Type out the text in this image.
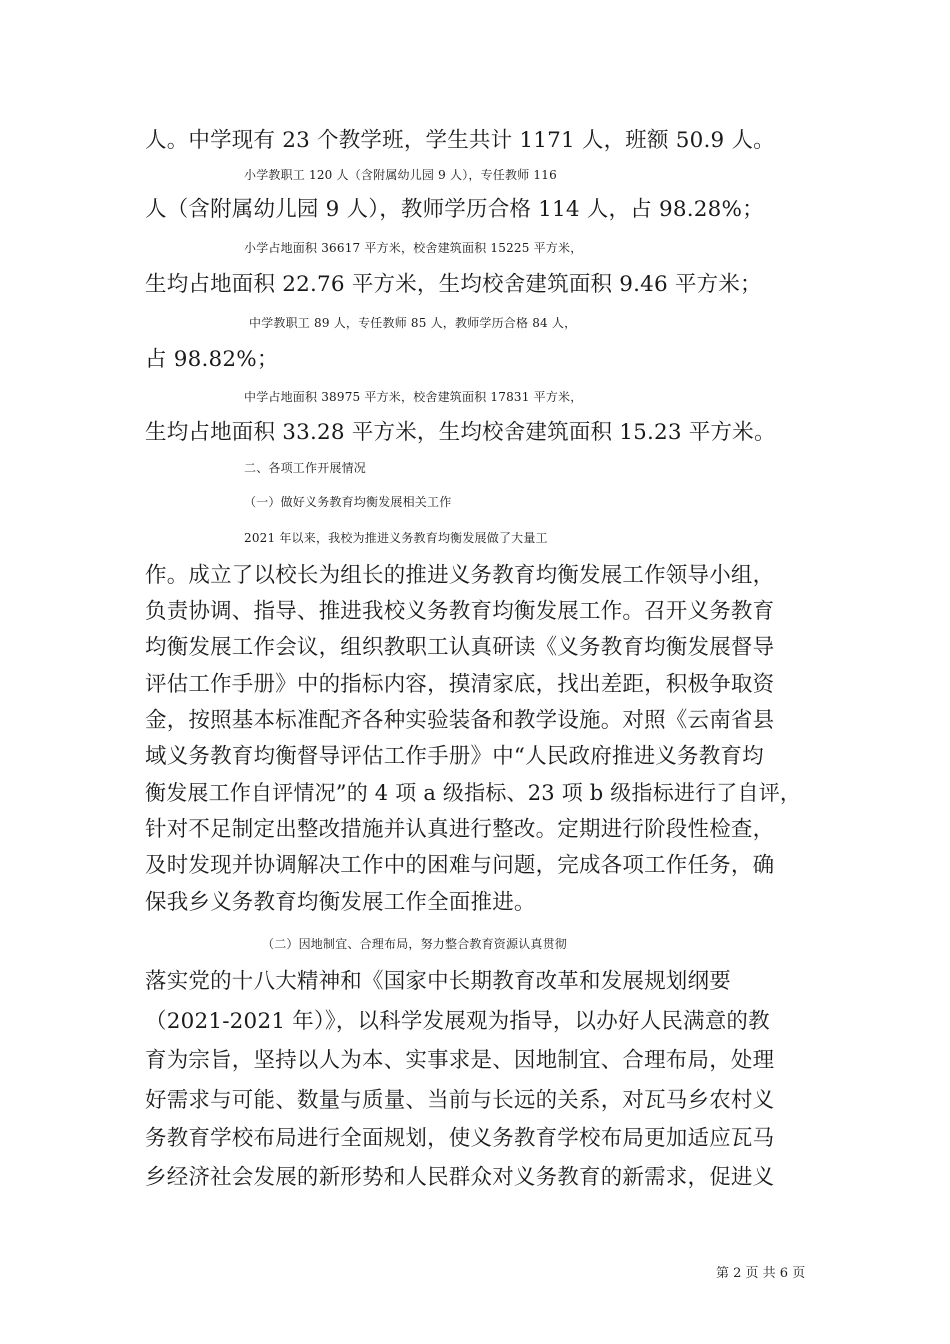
人。中学现有 23 个教学班，学生共计 1171 人，班额 50.9 人。
小学教职工 120 人（含附属幼儿园 9 人），专任教师 116
人（含附属幼儿园 9 人），教师学历合格 114 人，占 98.28%；
小学占地面积 36617 平方米，校舍建筑面积 15225 平方米，
生均占地面积 22.76 平方米，生均校舍建筑面积 9.46 平方米；
中学教职工 89 人，专任教师 85 人，教师学历合格 84 人，
占 98.82%；
中学占地面积 38975 平方米，校舍建筑面积 17831 平方米，
生均占地面积 33.28 平方米，生均校舍建筑面积 15.23 平方米。
二、各项工作开展情况
（一）做好义务教育均衡发展相关工作
2021 年以来，我校为推进义务教育均衡发展做了大量工
作。成立了以校长为组长的推进义务教育均衡发展工作领导小组，
负责协调、指导、推进我校义务教育均衡发展工作。召开义务教育
均衡发展工作会议，组织教职工认真研读《义务教育均衡发展督导
评估工作手册》中的指标内容，摸清家底，找出差距，积极争取资
金，按照基本标准配齐各种实验装备和教学设施。对照《云南省县
域义务教育均衡督导评估工作手册》中“人民政府推进义务教育均
衡发展工作自评情况”的 4 项 a 级指标、23 项 b 级指标进行了自评，
针对不足制定出整改措施并认真进行整改。定期进行阶段性检查，
及时发现并协调解决工作中的困难与问题，完成各项工作任务，确
保我乡义务教育均衡发展工作全面推进。
（二）因地制宜、合理布局，努力整合教育资源认真贯彻
落实党的十八大精神和《国家中长期教育改革和发展规划纲要
（2021-2021 年）》，以科学发展观为指导，以办好人民满意的教
育为宗旨，坚持以人为本、实事求是、因地制宜、合理布局，处理
好需求与可能、数量与质量、当前与长远的关系，对瓦马乡农村义
务教育学校布局进行全面规划，使义务教育学校布局更加适应瓦马
乡经济社会发展的新形势和人民群众对义务教育的新需求，促进义
第 2 页 共 6 页
